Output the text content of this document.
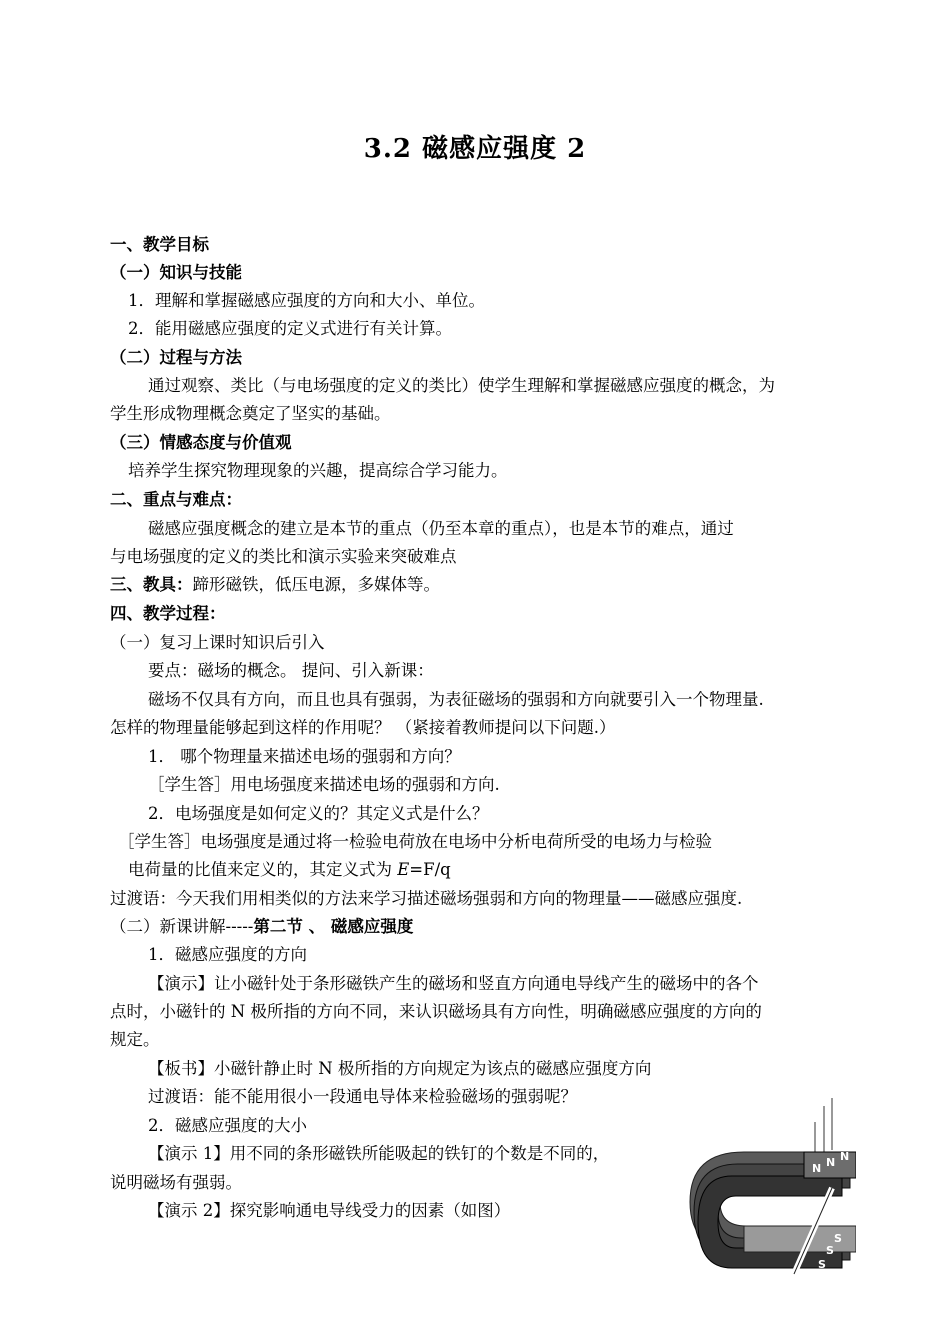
3.2 磁感应强度 2
一、教学目标
（一）知识与技能
1．理解和掌握磁感应强度的方向和大小、单位。
2．能用磁感应强度的定义式进行有关计算。
（二）过程与方法
通过观察、类比（与电场强度的定义的类比）使学生理解和掌握磁感应强度的概念，为
学生形成物理概念奠定了坚实的基础。
（三）情感态度与价值观
培养学生探究物理现象的兴趣，提高综合学习能力。
二、重点与难点：
磁感应强度概念的建立是本节的重点（仍至本章的重点），也是本节的难点，通过
与电场强度的定义的类比和演示实验来突破难点
三、教具：蹄形磁铁，低压电源，多媒体等。
四、教学过程：
（一）复习上课时知识后引入
要点：磁场的概念。 提问、引入新课：
磁场不仅具有方向，而且也具有强弱，为表征磁场的强弱和方向就要引入一个物理量.
怎样的物理量能够起到这样的作用呢？ （紧接着教师提问以下问题.）
1． 哪个物理量来描述电场的强弱和方向？
［学生答］用电场强度来描述电场的强弱和方向.
2．电场强度是如何定义的？其定义式是什么？
［学生答］电场强度是通过将一检验电荷放在电场中分析电荷所受的电场力与检验
电荷量的比值来定义的，其定义式为 E=F/q
过渡语：今天我们用相类似的方法来学习描述磁场强弱和方向的物理量——磁感应强度.
（二）新课讲解-----第二节 、 磁感应强度
1．磁感应强度的方向
【演示】让小磁针处于条形磁铁产生的磁场和竖直方向通电导线产生的磁场中的各个
点时，小磁针的 N 极所指的方向不同，来认识磁场具有方向性，明确磁感应强度的方向的
规定。
【板书】小磁针静止时 N 极所指的方向规定为该点的磁感应强度方向
过渡语：能不能用很小一段通电导体来检验磁场的强弱呢？
2．磁感应强度的大小
【演示 1】用不同的条形磁铁所能吸起的铁钉的个数是不同的，
说明磁场有强弱。
【演示 2】探究影响通电导线受力的因素（如图）
N N N
S
S
S
